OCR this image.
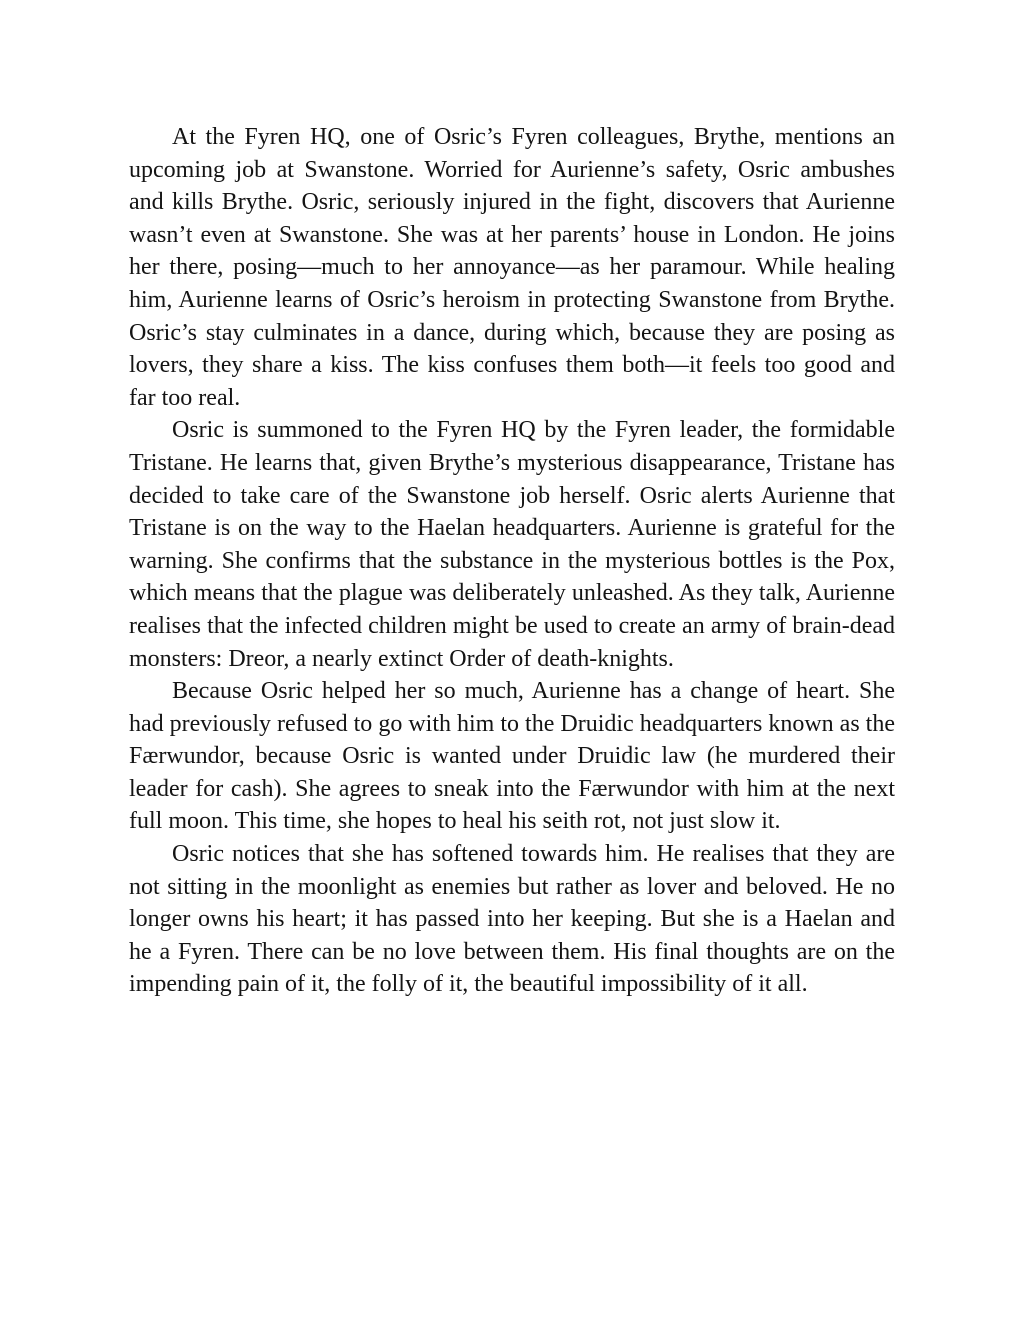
At the Fyren HQ, one of Osric’s Fyren colleagues, Brythe, mentions an upcoming job at Swanstone. Worried for Aurienne’s safety, Osric ambushes and kills Brythe. Osric, seriously injured in the fight, discovers that Aurienne wasn’t even at Swanstone. She was at her parents’ house in London. He joins her there, posing—much to her annoyance—as her paramour. While healing him, Aurienne learns of Osric’s heroism in protecting Swanstone from Brythe. Osric’s stay culminates in a dance, during which, because they are posing as lovers, they share a kiss. The kiss confuses them both—it feels too good and far too real.

Osric is summoned to the Fyren HQ by the Fyren leader, the formidable Tristane. He learns that, given Brythe’s mysterious disappearance, Tristane has decided to take care of the Swanstone job herself. Osric alerts Aurienne that Tristane is on the way to the Haelan headquarters. Aurienne is grateful for the warning. She confirms that the substance in the mysterious bottles is the Pox, which means that the plague was deliberately unleashed. As they talk, Aurienne realises that the infected children might be used to create an army of brain-dead monsters: Dreor, a nearly extinct Order of death-knights.

Because Osric helped her so much, Aurienne has a change of heart. She had previously refused to go with him to the Druidic headquarters known as the Færwundor, because Osric is wanted under Druidic law (he murdered their leader for cash). She agrees to sneak into the Færwundor with him at the next full moon. This time, she hopes to heal his seith rot, not just slow it.

Osric notices that she has softened towards him. He realises that they are not sitting in the moonlight as enemies but rather as lover and beloved. He no longer owns his heart; it has passed into her keeping. But she is a Haelan and he a Fyren. There can be no love between them. His final thoughts are on the impending pain of it, the folly of it, the beautiful impossibility of it all.
